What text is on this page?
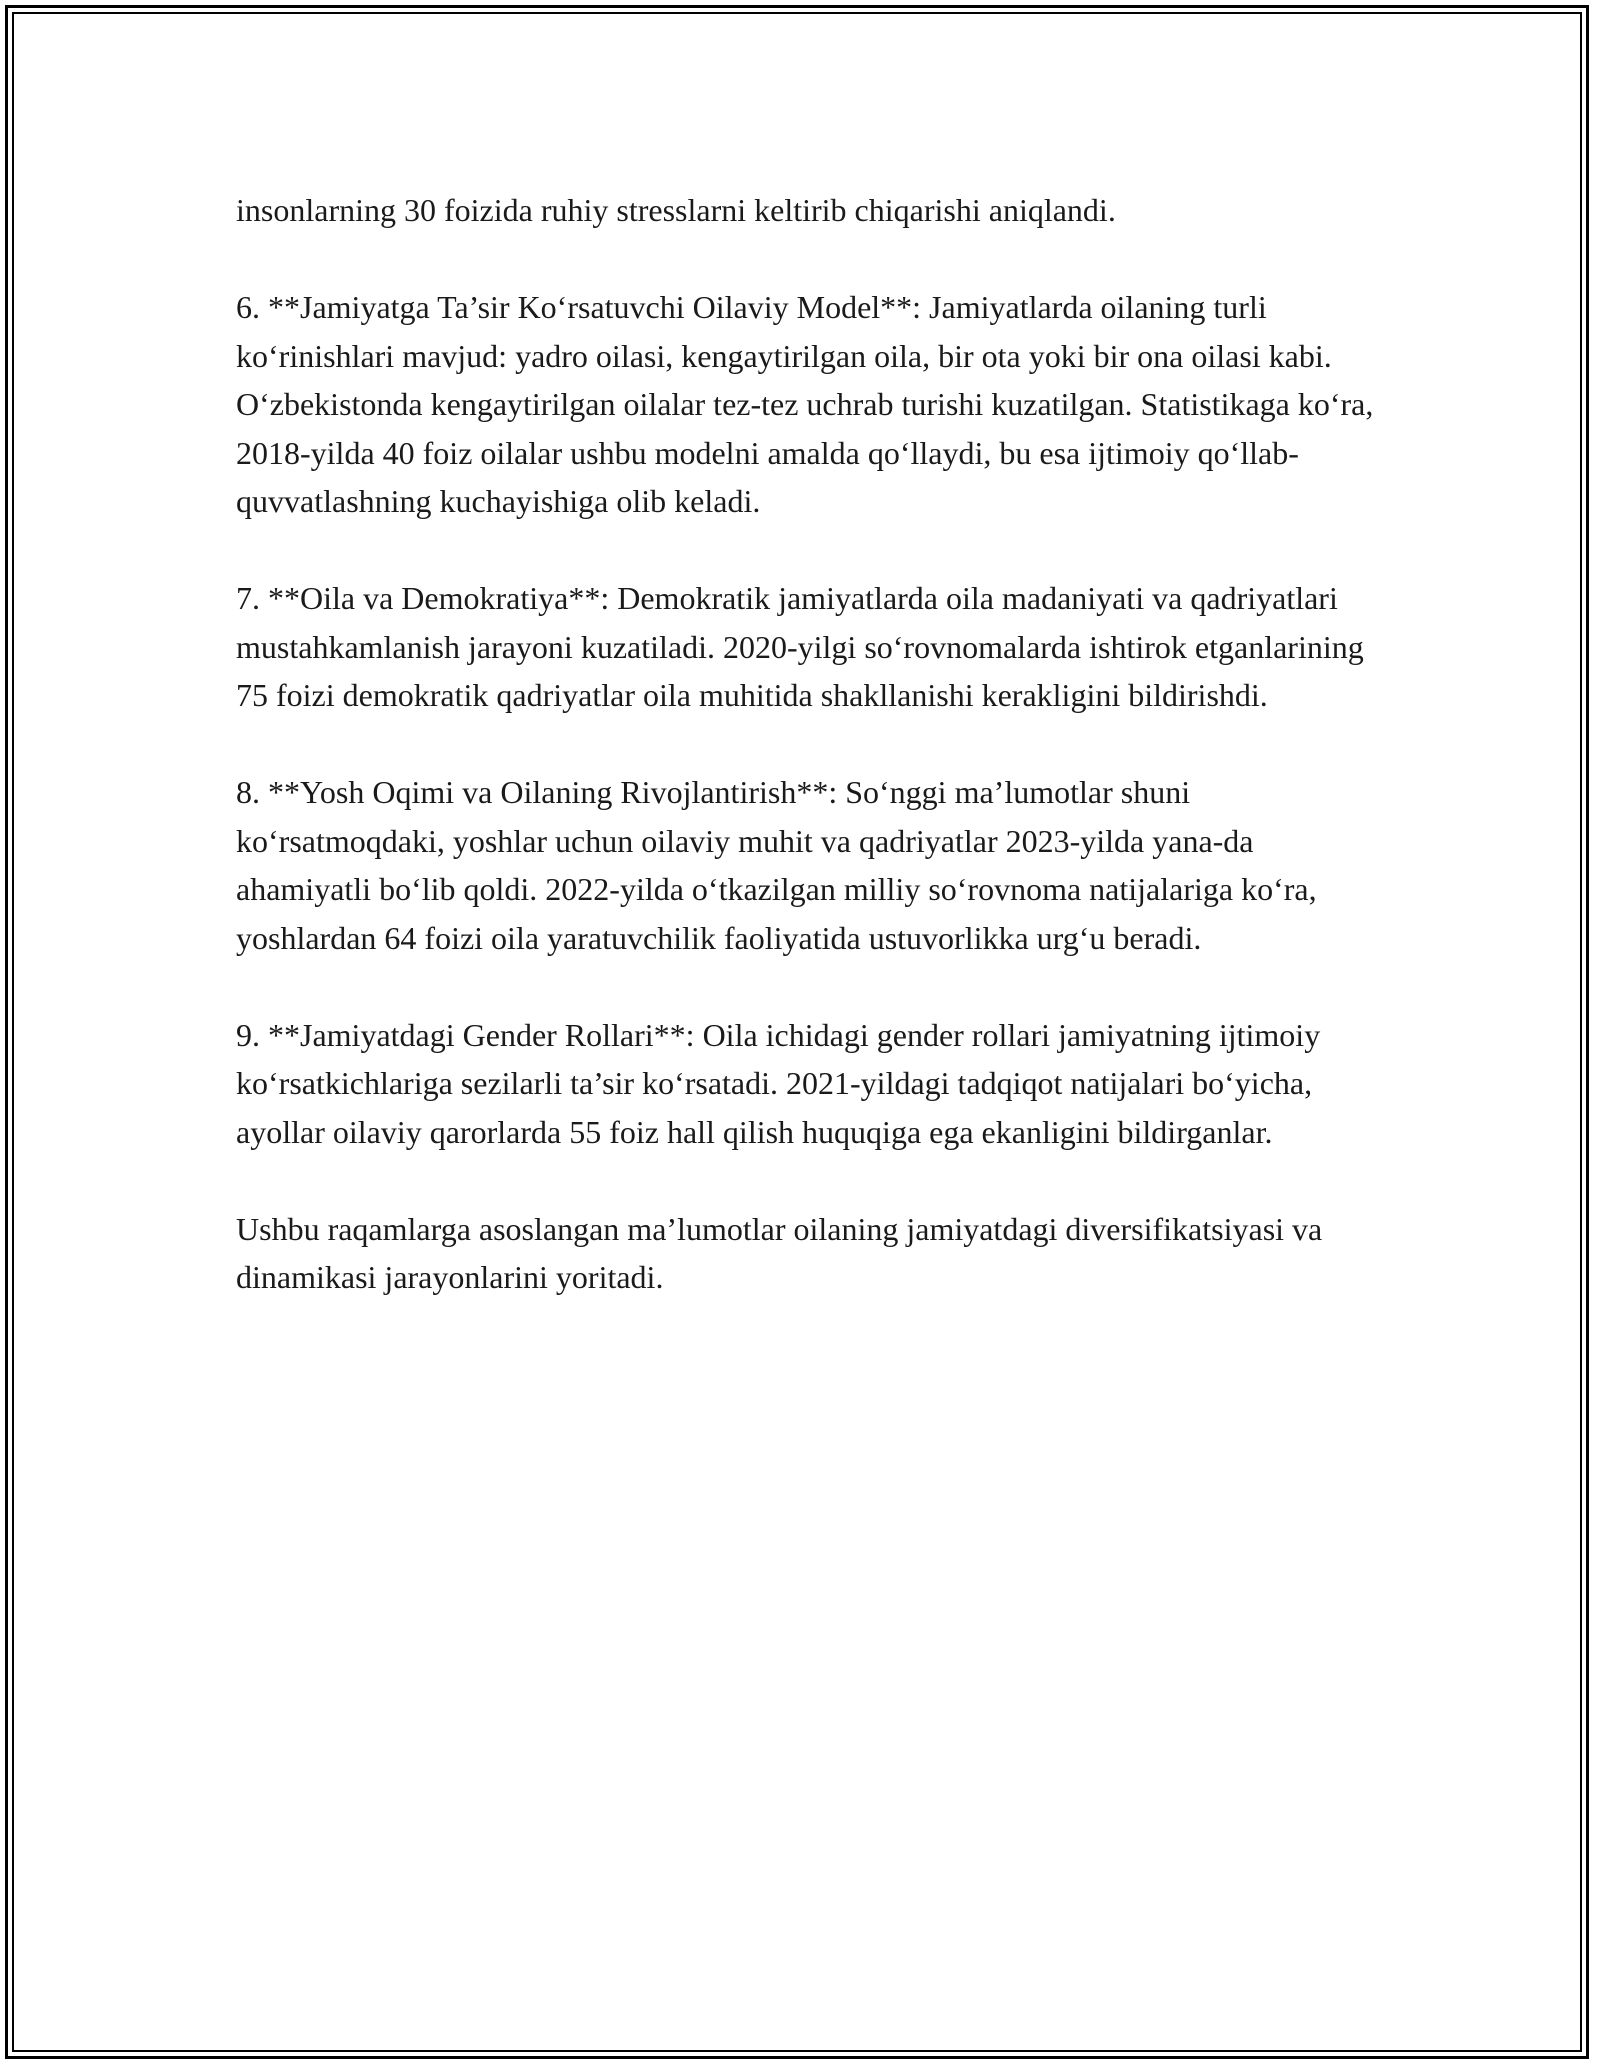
insonlarning 30 foizida ruhiy stresslarni keltirib chiqarishi aniqlandi.

6. **Jamiyatga Ta’sir Ko‘rsatuvchi Oilaviy Model**: Jamiyatlarda oilaning turli ko‘rinishlari mavjud: yadro oilasi, kengaytirilgan oila, bir ota yoki bir ona oilasi kabi. O‘zbekistonda kengaytirilgan oilalar tez-tez uchrab turishi kuzatilgan. Statistikaga ko‘ra, 2018-yilda 40 foiz oilalar ushbu modelni amalda qo‘llaydi, bu esa ijtimoiy qo‘llab-quvvatlashning kuchayishiga olib keladi.

7. **Oila va Demokratiya**: Demokratik jamiyatlarda oila madaniyati va qadriyatlari mustahkamlanish jarayoni kuzatiladi. 2020-yilgi so‘rovnomalarda ishtirok etganlarining 75 foizi demokratik qadriyatlar oila muhitida shakllanishi kerakligini bildirishdi.

8. **Yosh Oqimi va Oilaning Rivojlantirish**: So‘nggi ma’lumotlar shuni ko‘rsatmoqdaki, yoshlar uchun oilaviy muhit va qadriyatlar 2023-yilda yana-da ahamiyatli bo‘lib qoldi. 2022-yilda o‘tkazilgan milliy so‘rovnoma natijalariga ko‘ra, yoshlardan 64 foizi oila yaratuvchilik faoliyatida ustuvorlikka urg‘u beradi.

9. **Jamiyatdagi Gender Rollari**: Oila ichidagi gender rollari jamiyatning ijtimoiy ko‘rsatkichlariga sezilarli ta’sir ko‘rsatadi. 2021-yildagi tadqiqot natijalari bo‘yicha, ayollar oilaviy qarorlarda 55 foiz hall qilish huquqiga ega ekanligini bildirganlar.

Ushbu raqamlarga asoslangan ma’lumotlar oilaning jamiyatdagi diversifikatsiyasi va dinamikasi jarayonlarini yoritadi.
